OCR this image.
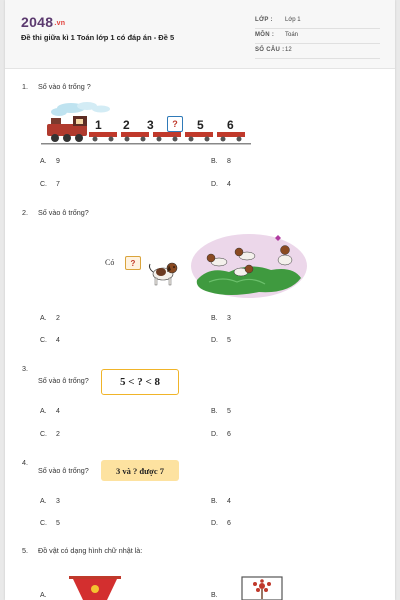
2048.vn
Đề thi giữa kì 1 Toán lớp 1 có đáp án - Đề 5
LỚP : Lớp 1
MÔN : Toán
SỐ CÂU : 12
1. Số vào ô trống ?
1 2 3	?	5 6
A. 9	B. 8
C. 7	D. 4
2. Số vào ô trống?
Có	?
A. 2	B. 3
C. 4	D. 5
3.
Số vào ô trống?	5 < ? < 8
A. 4	B. 5
C. 2	D. 6
4.
Số vào ô trống?	3 và ? được 7
A. 3	B. 4
C. 5	D. 6
5. Đồ vật có dạng hình chữ nhật là:
A.	B.
